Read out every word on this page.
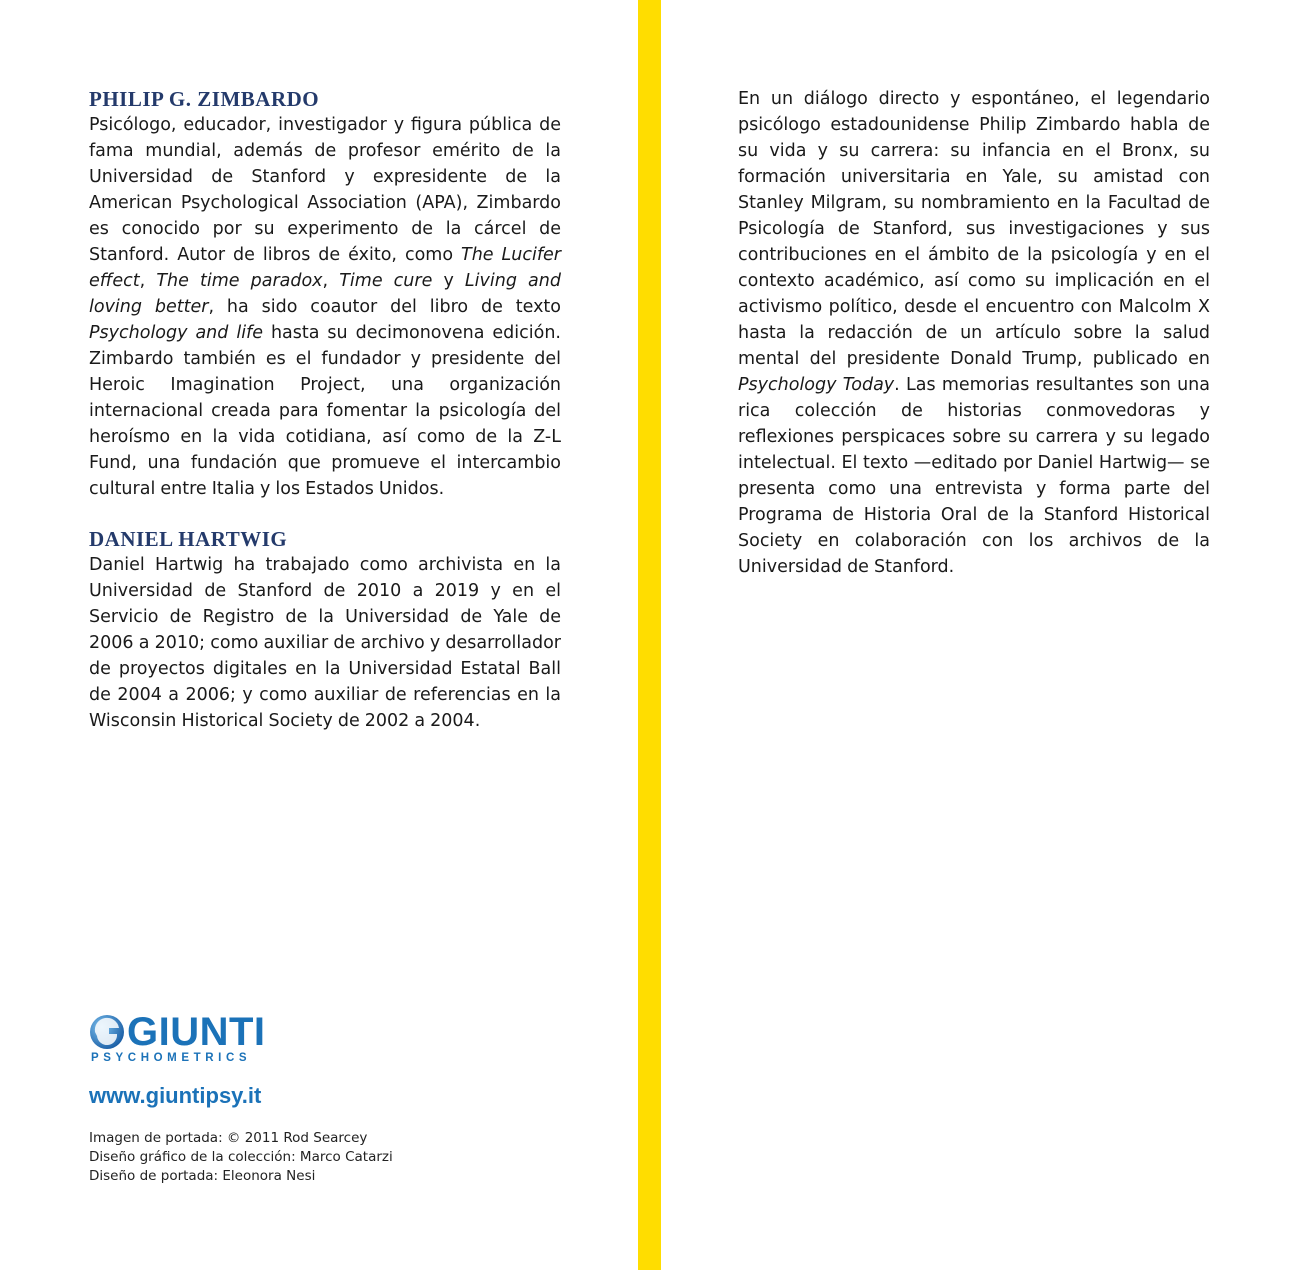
PHILIP G. ZIMBARDO

Psicólogo, educador, investigador y figura pública de fama mundial, además de profesor emérito de la Universidad de Stanford y expresidente de la American Psychological Association (APA), Zimbardo es conocido por su experimento de la cárcel de Stanford. Autor de libros de éxito, como The Lucifer effect, The time paradox, Time cure y Living and loving better, ha sido coautor del libro de texto Psychology and life hasta su decimonovena edición. Zimbardo también es el fundador y presidente del Heroic Imagination Project, una organización internacional creada para fomentar la psicología del heroísmo en la vida cotidiana, así como de la Z-L Fund, una fundación que promueve el intercambio cultural entre Italia y los Estados Unidos.

DANIEL HARTWIG

Daniel Hartwig ha trabajado como archivista en la Universidad de Stanford de 2010 a 2019 y en el Servicio de Registro de la Universidad de Yale de 2006 a 2010; como auxiliar de archivo y desarrollador de proyectos digitales en la Universidad Estatal Ball de 2004 a 2006; y como auxiliar de referencias en la Wisconsin Historical Society de 2002 a 2004.

En un diálogo directo y espontáneo, el legendario psicólogo estadounidense Philip Zimbardo habla de su vida y su carrera: su infancia en el Bronx, su formación universitaria en Yale, su amistad con Stanley Milgram, su nombramiento en la Facultad de Psicología de Stanford, sus investigaciones y sus contribuciones en el ámbito de la psicología y en el contexto académico, así como su implicación en el activismo político, desde el encuentro con Malcolm X hasta la redacción de un artículo sobre la salud mental del presidente Donald Trump, publicado en Psychology Today. Las memorias resultantes son una rica colección de historias conmovedoras y reflexiones perspicaces sobre su carrera y su legado intelectual. El texto —editado por Daniel Hartwig— se presenta como una entrevista y forma parte del Programa de Historia Oral de la Stanford Historical Society en colaboración con los archivos de la Universidad de Stanford.

GIUNTI
PSYCHOMETRICS
www.giuntipsy.it
Imagen de portada: © 2011 Rod Searcey
Diseño gráfico de la colección: Marco Catarzi
Diseño de portada: Eleonora Nesi
